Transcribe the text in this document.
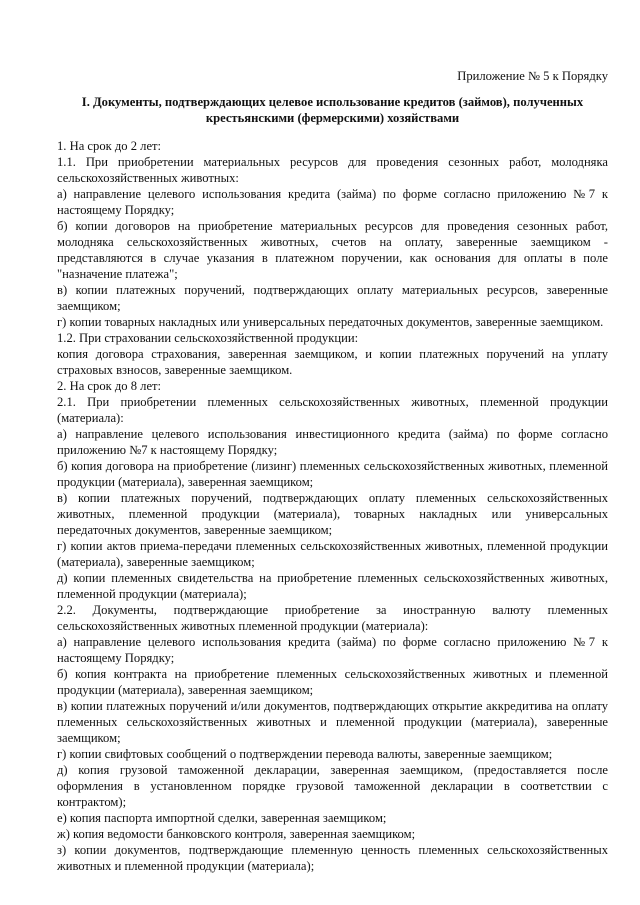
Приложение № 5 к Порядку

I. Документы, подтверждающих целевое использование кредитов (займов), полученных крестьянскими (фермерскими) хозяйствами

1. На срок до 2 лет:

1.1. При приобретении материальных ресурсов для проведения сезонных работ, молодняка сельскохозяйственных животных:

а) направление целевого использования кредита (займа) по форме согласно приложению №7 к настоящему Порядку;

б) копии договоров на приобретение материальных ресурсов для проведения сезонных работ, молодняка сельскохозяйственных животных, счетов на оплату, заверенные заемщиком - представляются в случае указания в платежном поручении, как основания для оплаты в поле "назначение платежа";

в) копии платежных поручений, подтверждающих оплату материальных ресурсов, заверенные заемщиком;

г) копии товарных накладных или универсальных передаточных документов, заверенные заемщиком.

1.2. При страховании сельскохозяйственной продукции:

копия договора страхования, заверенная заемщиком, и копии платежных поручений на уплату страховых взносов, заверенные заемщиком.

2. На срок до 8 лет:

2.1. При приобретении племенных сельскохозяйственных животных, племенной продукции (материала):

а) направление целевого использования инвестиционного кредита (займа) по форме согласно приложению №7 к настоящему Порядку;

б) копия договора на приобретение (лизинг) племенных сельскохозяйственных животных, племенной продукции (материала), заверенная заемщиком;

в) копии платежных поручений, подтверждающих оплату племенных сельскохозяйственных животных, племенной продукции (материала), товарных накладных или универсальных передаточных документов, заверенные заемщиком;

г) копии актов приема-передачи племенных сельскохозяйственных животных, племенной продукции (материала), заверенные заемщиком;

д) копии племенных свидетельства на приобретение племенных сельскохозяйственных животных, племенной продукции (материала);

2.2. Документы, подтверждающие приобретение за иностранную валюту племенных сельскохозяйственных животных племенной продукции (материала):

а) направление целевого использования кредита (займа) по форме согласно приложению №7 к настоящему Порядку;

б) копия контракта на приобретение племенных сельскохозяйственных животных и племенной продукции (материала), заверенная заемщиком;

в) копии платежных поручений и/или документов, подтверждающих открытие аккредитива на оплату племенных сельскохозяйственных животных и племенной продукции (материала), заверенные заемщиком;

г) копии свифтовых сообщений о подтверждении перевода валюты, заверенные заемщиком;

д) копия грузовой таможенной декларации, заверенная заемщиком, (предоставляется после оформления в установленном порядке грузовой таможенной декларации в соответствии с контрактом);

е) копия паспорта импортной сделки, заверенная заемщиком;

ж) копия ведомости банковского контроля, заверенная заемщиком;

з) копии документов, подтверждающие племенную ценность племенных сельскохозяйственных животных и племенной продукции (материала);
